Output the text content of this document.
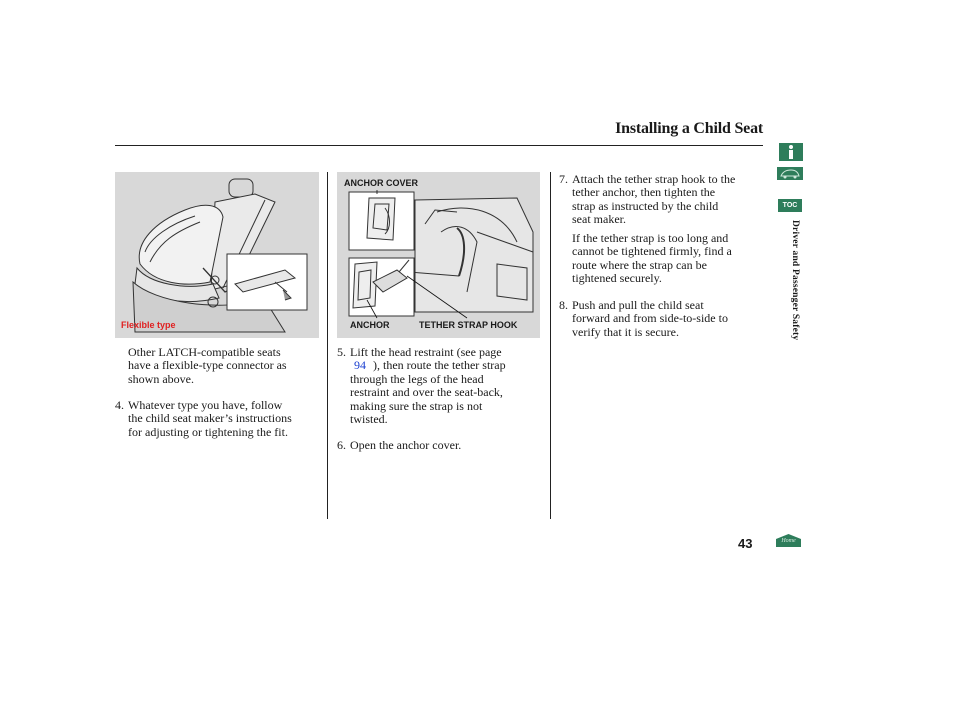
Installing a Child Seat
Flexible type
ANCHOR COVER
ANCHOR	TETHER STRAP HOOK
Other LATCH-compatible seats
have a flexible-type connector as
shown above.
4. Whatever type you have, follow
the child seat maker’s instructions
for adjusting or tightening the fit.
5. Lift the head restraint (see page
94 ), then route the tether strap
through the legs of the head
restraint and over the seat-back,
making sure the strap is not
twisted.
6. Open the anchor cover.
7. Attach the tether strap hook to the
tether anchor, then tighten the
strap as instructed by the child
seat maker.
If the tether strap is too long and
cannot be tightened firmly, find a
route where the strap can be
tightened securely.
8. Push and pull the child seat
forward and from side-to-side to
verify that it is secure.
TOC
Driver and Passenger Safety
43	Home
